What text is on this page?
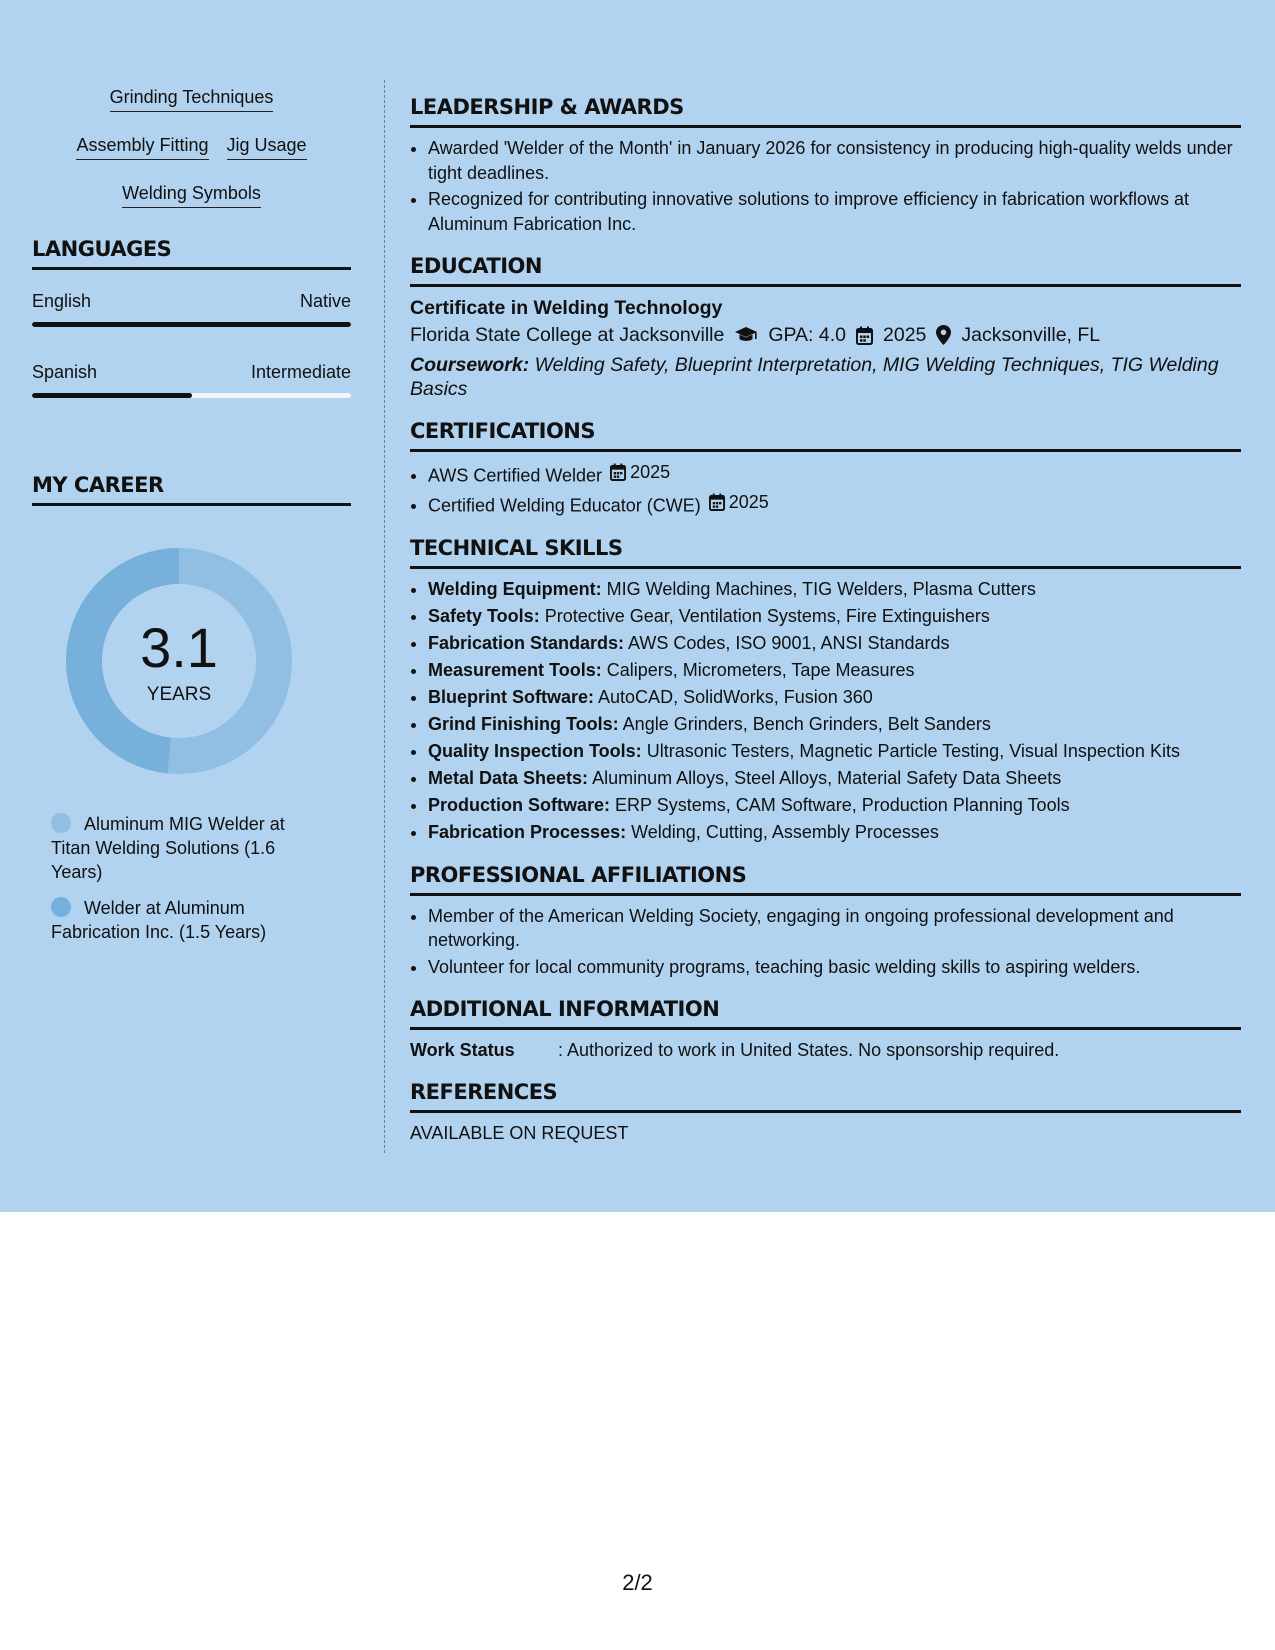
Grinding Techniques
Assembly Fitting Jig Usage
Welding Symbols
LANGUAGES
English	Native
Spanish	Intermediate
MY CAREER
3.1
YEARS
Aluminum MIG Welder at Titan Welding Solutions (1.6 Years)
Welder at Aluminum Fabrication Inc. (1.5 Years)
LEADERSHIP & AWARDS
• Awarded 'Welder of the Month' in January 2026 for consistency in producing high-quality welds under tight deadlines.
• Recognized for contributing innovative solutions to improve efficiency in fabrication workflows at Aluminum Fabrication Inc.
EDUCATION
Certificate in Welding Technology
Florida State College at Jacksonville GPA: 4.0 2025 Jacksonville, FL
Coursework: Welding Safety, Blueprint Interpretation, MIG Welding Techniques, TIG Welding Basics
CERTIFICATIONS
• AWS Certified Welder 2025
• Certified Welding Educator (CWE) 2025
TECHNICAL SKILLS
• Welding Equipment: MIG Welding Machines, TIG Welders, Plasma Cutters
• Safety Tools: Protective Gear, Ventilation Systems, Fire Extinguishers
• Fabrication Standards: AWS Codes, ISO 9001, ANSI Standards
• Measurement Tools: Calipers, Micrometers, Tape Measures
• Blueprint Software: AutoCAD, SolidWorks, Fusion 360
• Grind Finishing Tools: Angle Grinders, Bench Grinders, Belt Sanders
• Quality Inspection Tools: Ultrasonic Testers, Magnetic Particle Testing, Visual Inspection Kits
• Metal Data Sheets: Aluminum Alloys, Steel Alloys, Material Safety Data Sheets
• Production Software: ERP Systems, CAM Software, Production Planning Tools
• Fabrication Processes: Welding, Cutting, Assembly Processes
PROFESSIONAL AFFILIATIONS
• Member of the American Welding Society, engaging in ongoing professional development and networking.
• Volunteer for local community programs, teaching basic welding skills to aspiring welders.
ADDITIONAL INFORMATION
Work Status	: Authorized to work in United States. No sponsorship required.
REFERENCES
AVAILABLE ON REQUEST
2/2
